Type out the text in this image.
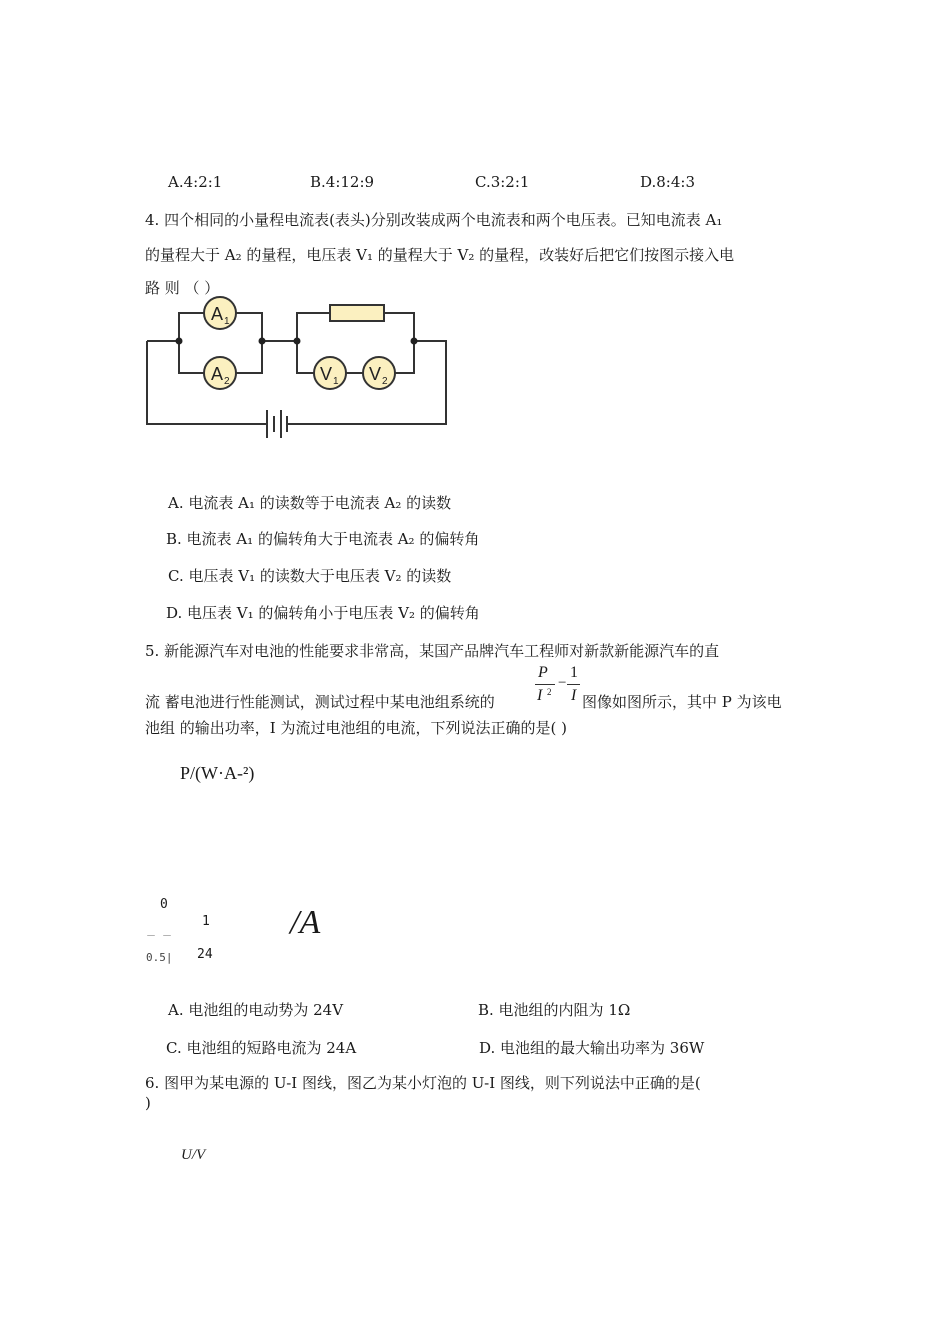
A.4:2:1	B.4:12:9	C.3:2:1	D.8:4:3
4. 四个相同的小量程电流表(表头)分别改装成两个电流表和两个电压表。已知电流表 A₁
的量程大于 A₂ 的量程，电压表 V₁ 的量程大于 V₂ 的量程，改装好后把它们按图示接入电
路 则 （ ）
A 1
A 2	V 1 V 2
A. 电流表 A₁ 的读数等于电流表 A₂ 的读数
B. 电流表 A₁ 的偏转角大于电流表 A₂ 的偏转角
C. 电压表 V₁ 的读数大于电压表 V₂ 的读数
D. 电压表 V₁ 的偏转角小于电压表 V₂ 的偏转角
5. 新能源汽车对电池的性能要求非常高，某国产品牌汽车工程师对新款新能源汽车的直
流 蓄电池进行性能测试，测试过程中某电池组系统的
P
I 2
−
1
I 图像如图所示，其中 P 为该电
池组 的输出功率，I 为流过电池组的电流，下列说法正确的是( )
P/(W·A-²)
0
1 /A
－ －
0.5| 24
A. 电池组的电动势为 24V	B. 电池组的内阻为 1Ω
C. 电池组的短路电流为 24A	D. 电池组的最大输出功率为 36W
6. 图甲为某电源的 U-I 图线，图乙为某小灯泡的 U-I 图线，则下列说法中正确的是(
)
U/V
